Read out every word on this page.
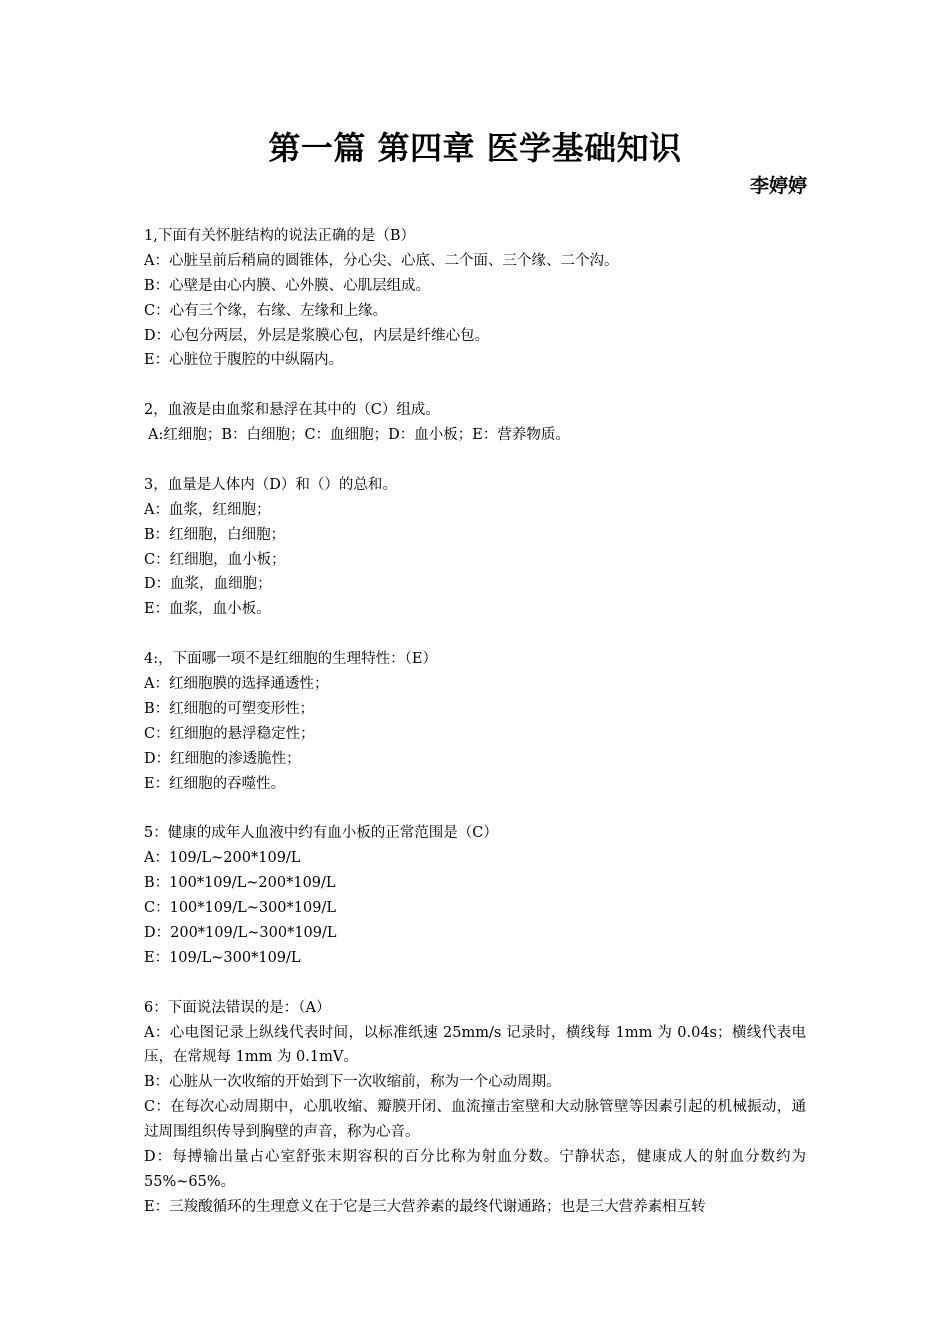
第一篇 第四章 医学基础知识
李婷婷
1,下面有关怀脏结构的说法正确的是（B）
A：心脏呈前后稍扁的圆锥体，分心尖、心底、二个面、三个缘、二个沟。
B：心壁是由心内膜、心外膜、心肌层组成。
C：心有三个缘，右缘、左缘和上缘。
D：心包分两层，外层是浆膜心包，内层是纤维心包。
E：心脏位于腹腔的中纵隔内。
2，血液是由血浆和悬浮在其中的（C）组成。
A:红细胞；B：白细胞；C：血细胞；D：血小板；E：营养物质。
3，血量是人体内（D）和（）的总和。
A：血浆，红细胞；
B：红细胞，白细胞；
C：红细胞，血小板；
D：血浆，血细胞；
E：血浆，血小板。
4:，下面哪一项不是红细胞的生理特性：（E）
A：红细胞膜的选择通透性；
B：红细胞的可塑变形性；
C：红细胞的悬浮稳定性；
D：红细胞的渗透脆性；
E：红细胞的吞噬性。
5：健康的成年人血液中约有血小板的正常范围是（C）
A：109/L~200*109/L
B：100*109/L~200*109/L
C：100*109/L~300*109/L
D：200*109/L~300*109/L
E：109/L~300*109/L
6：下面说法错误的是：（A）
A：心电图记录上纵线代表时间，以标准纸速 25mm/s 记录时，横线每 1mm 为 0.04s；横线代表电压，在常规每 1mm 为 0.1mV。
B：心脏从一次收缩的开始到下一次收缩前，称为一个心动周期。
C：在每次心动周期中，心肌收缩、瓣膜开闭、血流撞击室壁和大动脉管壁等因素引起的机械振动，通过周围组织传导到胸壁的声音，称为心音。
D：每搏输出量占心室舒张末期容积的百分比称为射血分数。宁静状态，健康成人的射血分数约为 55%~65%。
E：三羧酸循环的生理意义在于它是三大营养素的最终代谢通路；也是三大营养素相互转
